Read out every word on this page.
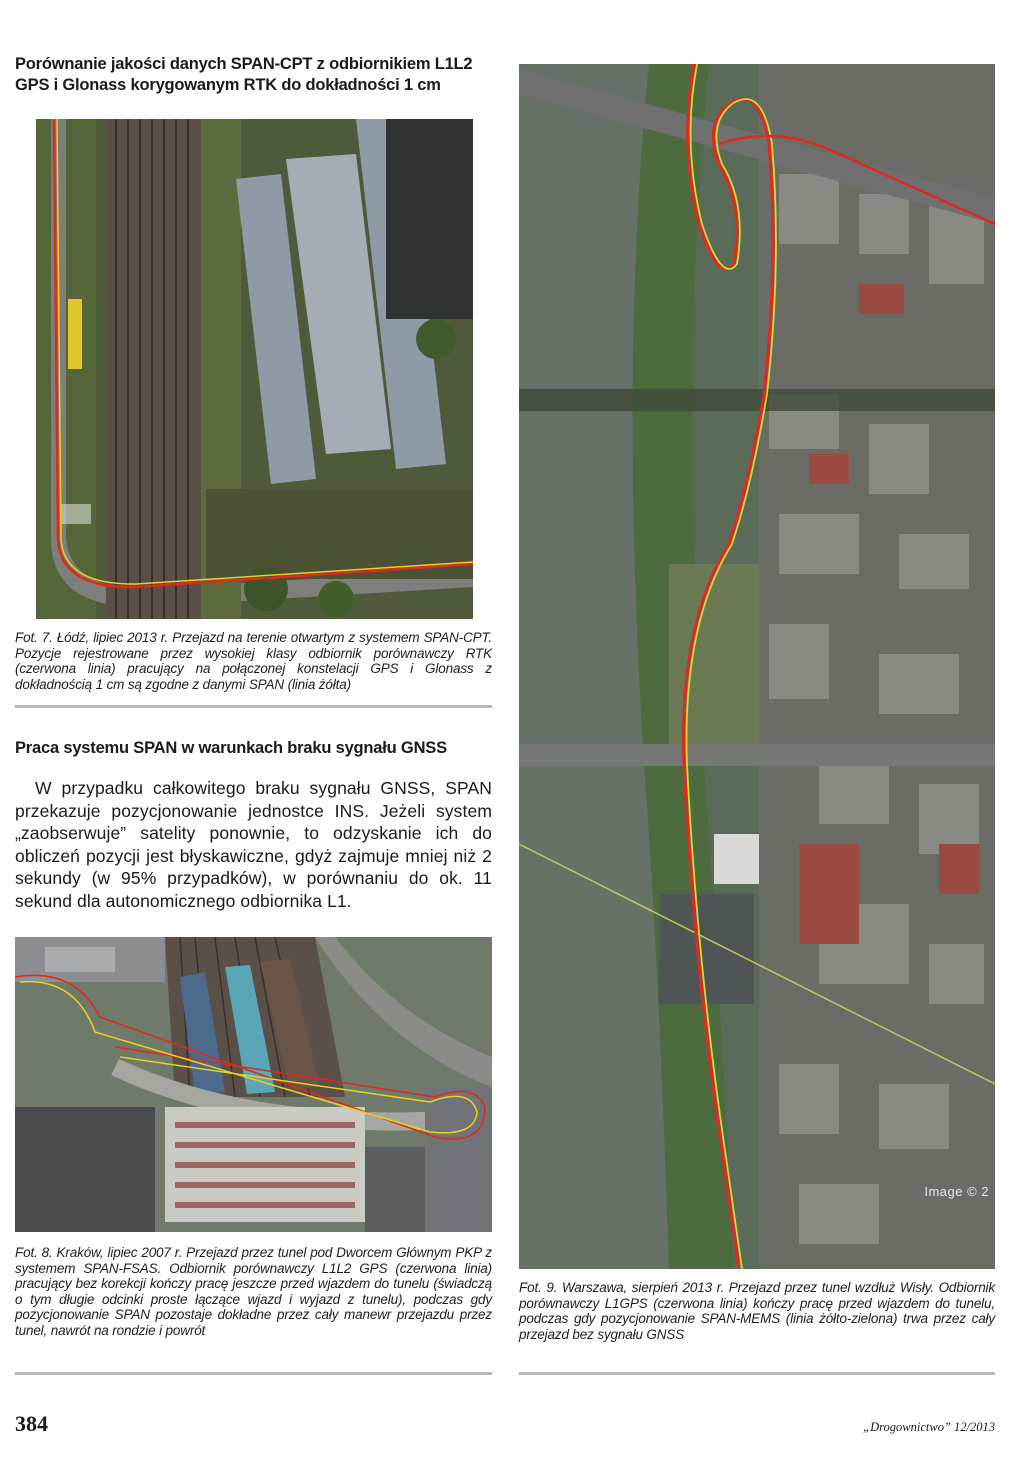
Porównanie jakości danych SPAN-CPT z odbiornikiem L1L2
GPS i Glonass korygowanym RTK do dokładności 1 cm
Fot. 7. Łódź, lipiec 2013 r. Przejazd na terenie otwartym z systemem SPAN-CPT. Pozycje rejestrowane przez wysokiej klasy odbiornik porównawczy RTK (czerwona linia) pracujący na połączonej konstelacji GPS i Glonass z dokładnością 1 cm są zgodne z danymi SPAN (linia żółta)
Praca systemu SPAN w warunkach braku sygnału GNSS
W przypadku całkowitego braku sygnału GNSS, SPAN przekazuje pozycjonowanie jednostce INS. Jeżeli system „zaobserwuje” satelity ponownie, to odzyskanie ich do obliczeń pozycji jest błyskawiczne, gdyż zajmuje mniej niż 2 sekundy (w 95% przypadków), w porównaniu do ok. 11 sekund dla autonomicznego odbiornika L1.
Fot. 8. Kraków, lipiec 2007 r. Przejazd przez tunel pod Dworcem Głównym PKP z systemem SPAN-FSAS. Odbiornik porównawczy L1L2 GPS (czerwona linia) pracujący bez korekcji kończy pracę jeszcze przed wjazdem do tunelu (świadczą o tym długie odcinki proste łączące wjazd i wyjazd z tunelu), podczas gdy pozycjonowanie SPAN pozostaje dokładne przez cały manewr przejazdu przez tunel, nawrót na rondzie i powrót
Image © 2
Fot. 9. Warszawa, sierpień 2013 r. Przejazd przez tunel wzdłuż Wisły. Odbiornik porównawczy L1GPS (czerwona linia) kończy pracę przed wjazdem do tunelu, podczas gdy pozycjonowanie SPAN-MEMS (linia żółto-zielona) trwa przez cały przejazd bez sygnału GNSS
384	„Drogownictwo” 12/2013
